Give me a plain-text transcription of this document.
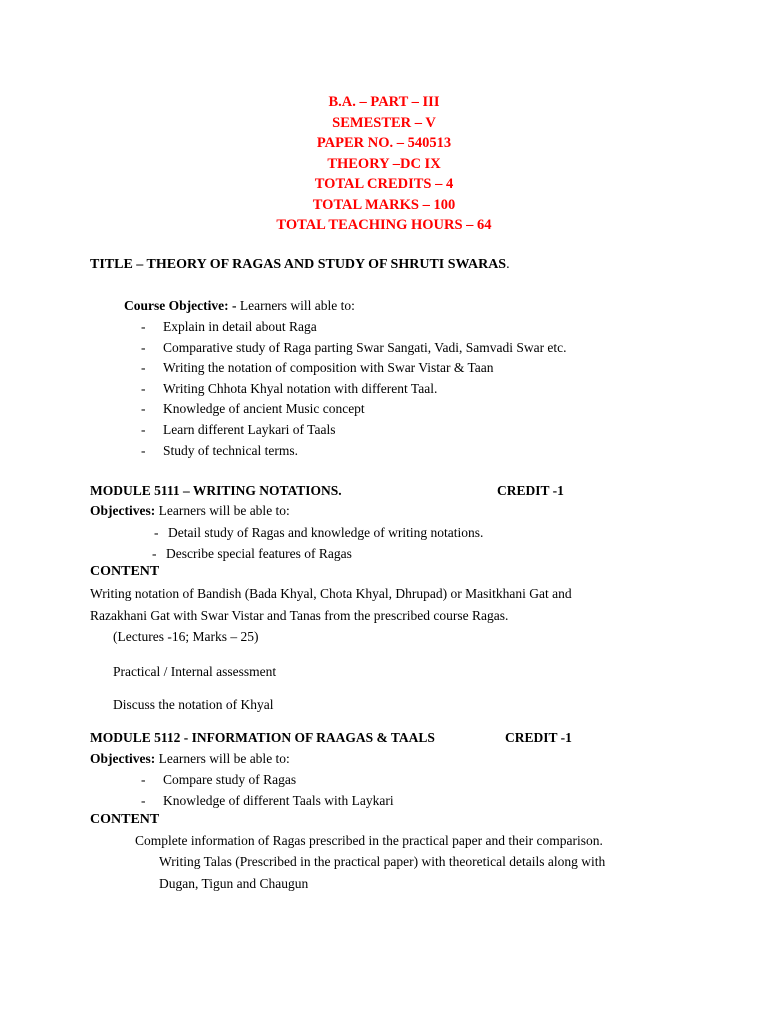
B.A. – PART – III
SEMESTER – V
PAPER NO. – 540513
THEORY –DC IX
TOTAL CREDITS – 4
TOTAL MARKS – 100
TOTAL TEACHING HOURS – 64
TITLE – THEORY OF RAGAS AND STUDY OF SHRUTI SWARAS.
Course Objective: - Learners will able to:
- Explain in detail about Raga
- Comparative study of Raga parting Swar Sangati, Vadi, Samvadi Swar etc.
- Writing the notation of composition with Swar Vistar & Taan
- Writing Chhota Khyal notation with different Taal.
- Knowledge of ancient Music concept
- Learn different Laykari of Taals
- Study of technical terms.
MODULE 5111 – WRITING NOTATIONS.	CREDIT -1
Objectives: Learners will be able to:
- Detail study of Ragas and knowledge of writing notations.
- Describe special features of Ragas
CONTENT
Writing notation of Bandish (Bada Khyal, Chota Khyal, Dhrupad) or Masitkhani Gat and
Razakhani Gat with Swar Vistar and Tanas from the prescribed course Ragas.
(Lectures -16; Marks – 25)
Practical / Internal assessment
Discuss the notation of Khyal
MODULE 5112 - INFORMATION OF RAAGAS & TAALS	CREDIT -1
Objectives: Learners will be able to:
- Compare study of Ragas
- Knowledge of different Taals with Laykari
CONTENT
Complete information of Ragas prescribed in the practical paper and their comparison.
Writing Talas (Prescribed in the practical paper) with theoretical details along with
Dugan, Tigun and Chaugun
